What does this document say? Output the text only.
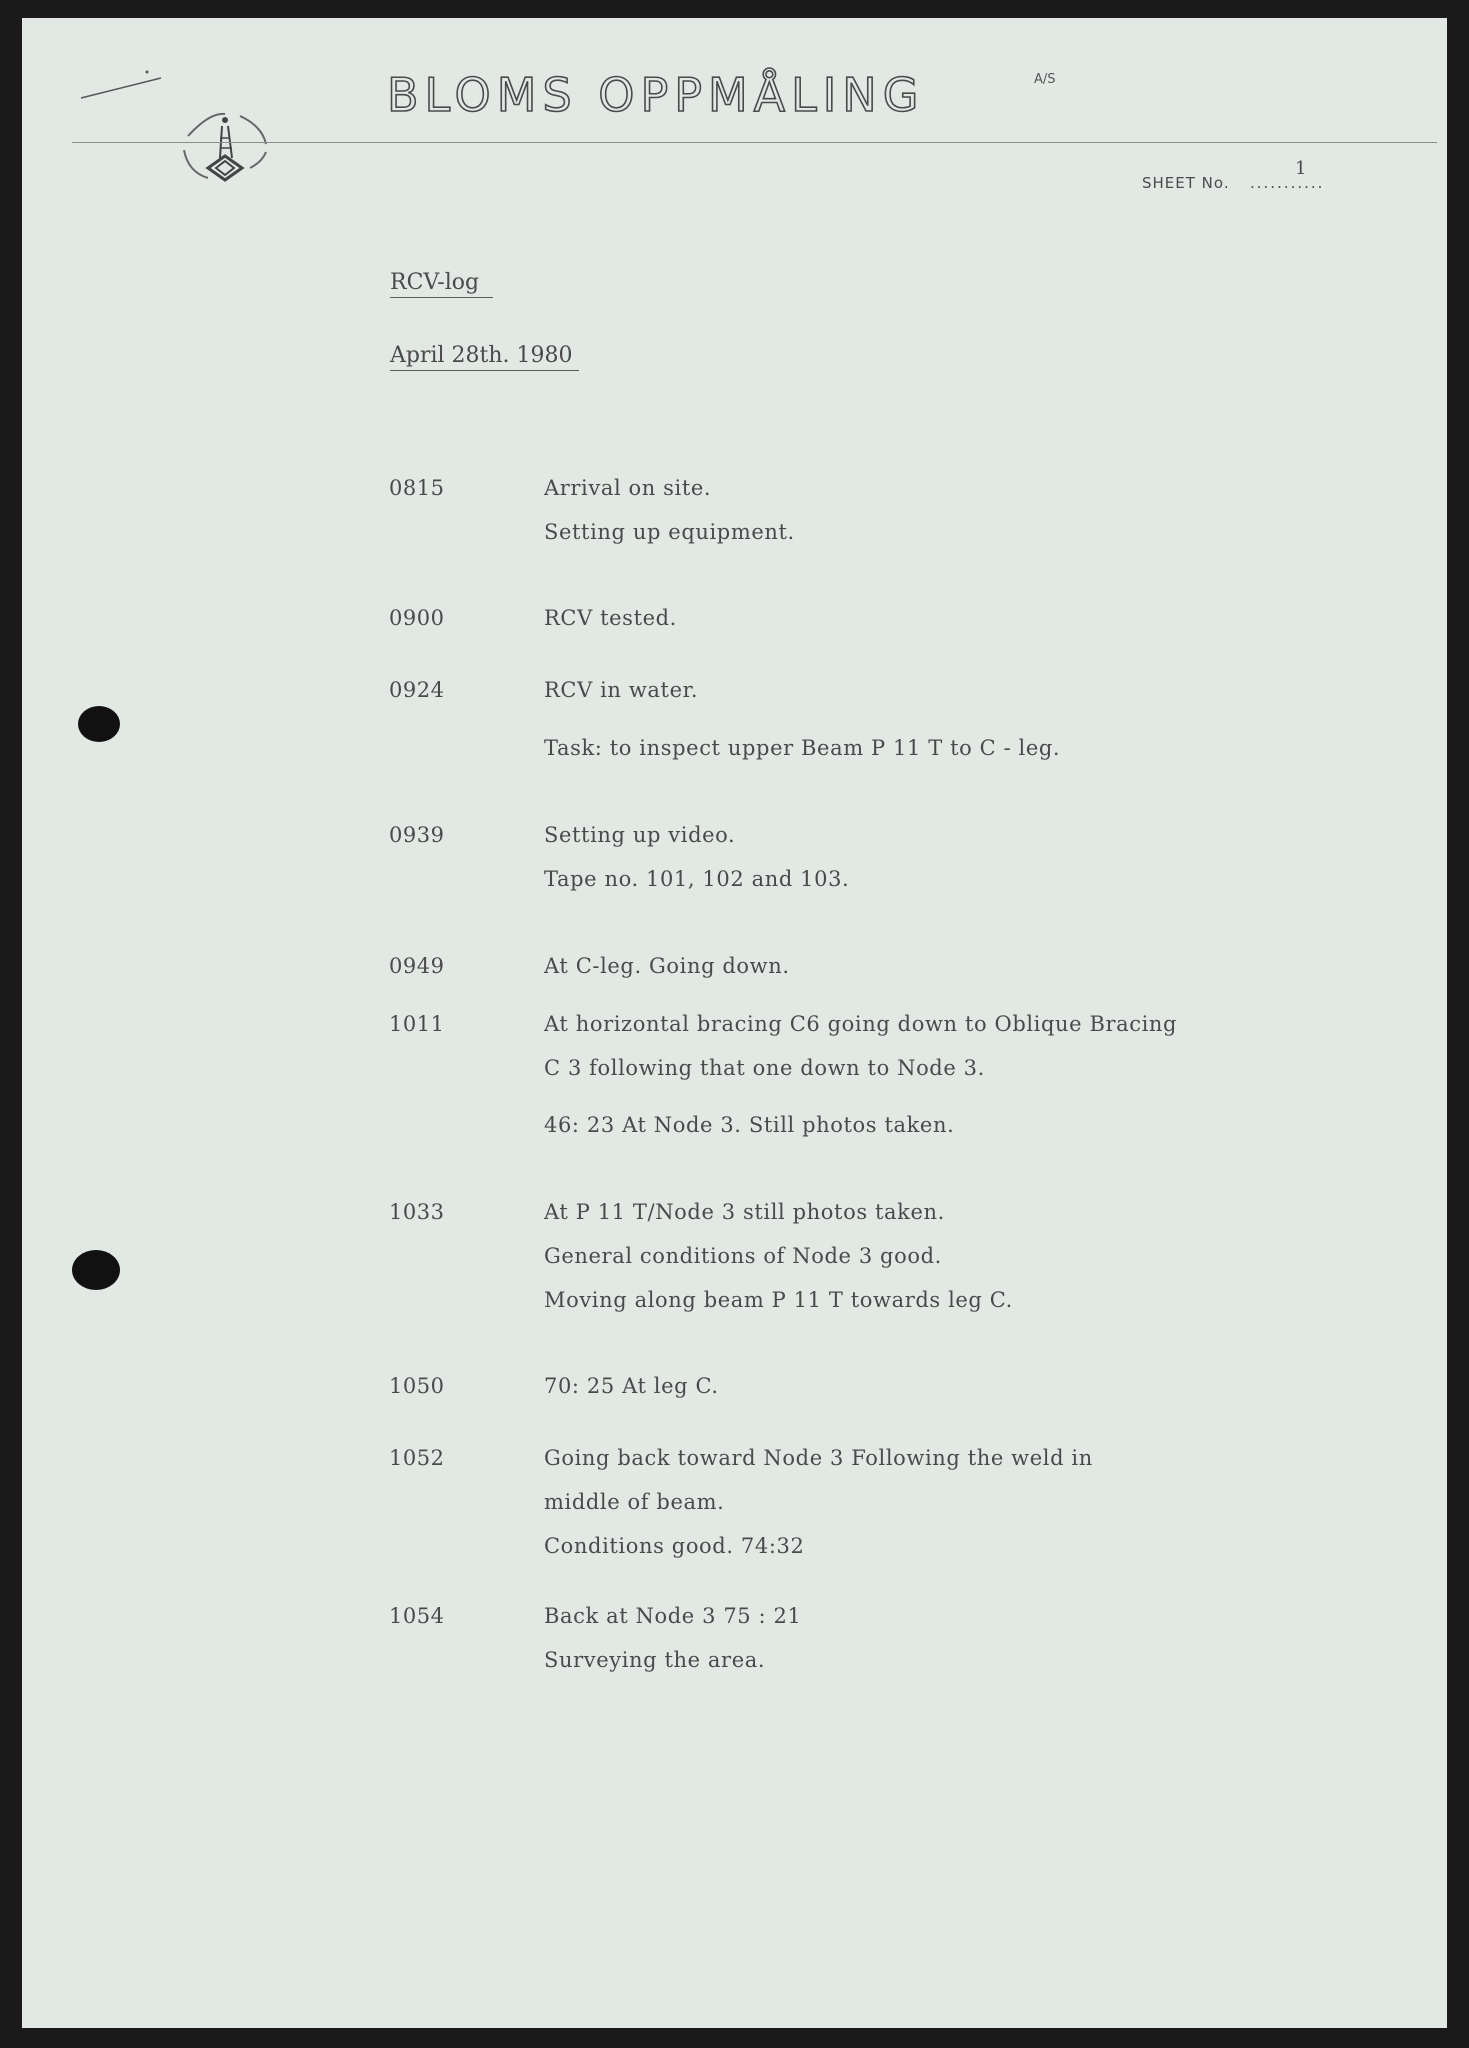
BLOMS OPPMÅLING	A/S
SHEET No. ...........
1
RCV-log
April 28th. 1980
0815	Arrival on site.
Setting up equipment.
0900	RCV tested.
0924	RCV in water.
Task: to inspect upper Beam P 11 T to C - leg.
0939	Setting up video.
Tape no. 101, 102 and 103.
0949	At C-leg. Going down.
1011	At horizontal bracing C6 going down to Oblique Bracing
C 3 following that one down to Node 3.
46: 23 At Node 3. Still photos taken.
1033	At P 11 T/Node 3 still photos taken.
General conditions of Node 3 good.
Moving along beam P 11 T towards leg C.
1050	70: 25 At leg C.
1052	Going back toward Node 3 Following the weld in
middle of beam.
Conditions good. 74:32
1054	Back at Node 3 75 : 21
Surveying the area.
